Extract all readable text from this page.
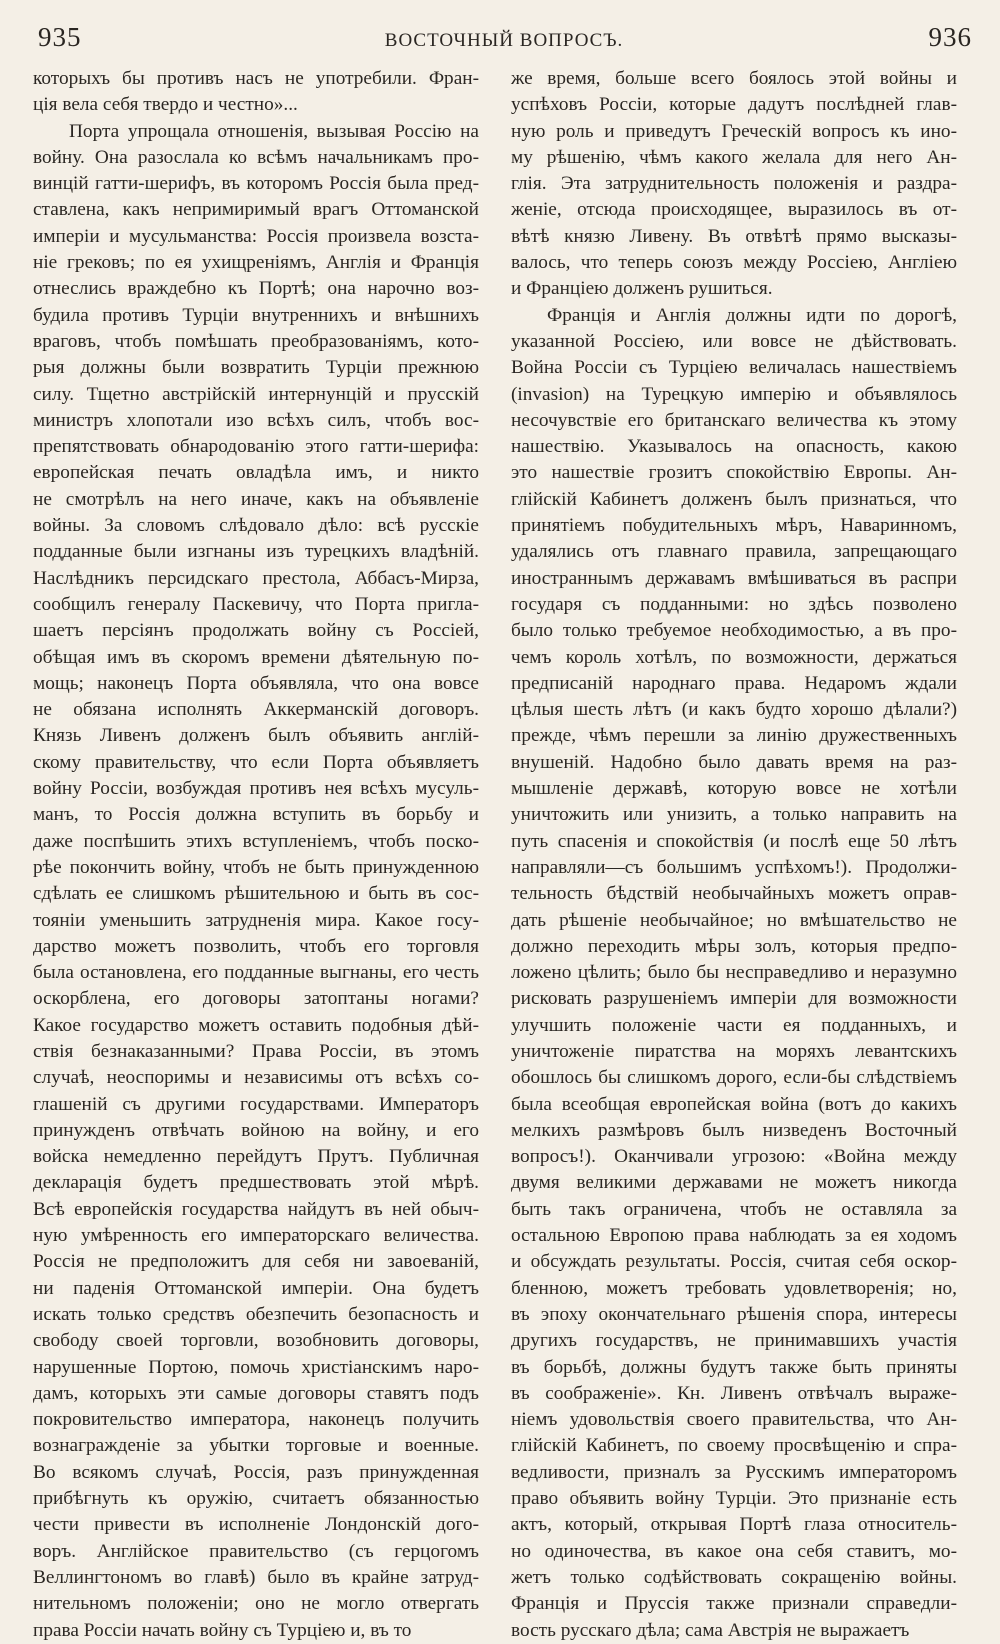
935	ВОСТОЧНЫЙ ВОПРОСЪ.	936
которыхъ бы противъ насъ не употребили. Фран-
ція вела себя твердо и честно»...
Порта упрощала отношенія, вызывая Россію на
войну. Она разослала ко всѣмъ начальникамъ про-
винцій гатти-шерифъ, въ которомъ Россія была пред-
ставлена, какъ непримиримый врагъ Оттоманской
имперіи и мусульманства: Россія произвела возста-
ніе грековъ; по ея ухищреніямъ, Англія и Франція
отнеслись враждебно къ Портѣ; она нарочно воз-
будила противъ Турціи внутреннихъ и внѣшнихъ
враговъ, чтобъ помѣшать преобразованіямъ, кото-
рыя должны были возвратить Турціи прежнюю
силу. Тщетно австрійскій интернунцій и прусскій
министръ хлопотали изо всѣхъ силъ, чтобъ вос-
препятствовать обнародованію этого гатти-шерифа:
европейская печать овладѣла имъ, и никто
не смотрѣлъ на него иначе, какъ на объявленіе
войны. За словомъ слѣдовало дѣло: всѣ русскіе
подданные были изгнаны изъ турецкихъ владѣній.
Наслѣдникъ персидскаго престола, Аббасъ-Мирза,
сообщилъ генералу Паскевичу, что Порта пригла-
шаетъ персіянъ продолжать войну съ Россіей,
обѣщая имъ въ скоромъ времени дѣятельную по-
мощь; наконецъ Порта объявляла, что она вовсе
не обязана исполнять Аккерманскій договоръ.
Князь Ливенъ долженъ былъ объявить англій-
скому правительству, что если Порта объявляетъ
войну Россіи, возбуждая противъ нея всѣхъ мусуль-
манъ, то Россія должна вступить въ борьбу и
даже поспѣшить этихъ вступленіемъ, чтобъ поско-
рѣе покончить войну, чтобъ не быть принужденною
сдѣлать ее слишкомъ рѣшительною и быть въ сос-
тояніи уменьшить затрудненія мира. Какое госу-
дарство можетъ позволить, чтобъ его торговля
была остановлена, его подданные выгнаны, его честь
оскорблена, его договоры затоптаны ногами?
Какое государство можетъ оставить подобныя дѣй-
ствія безнаказанными? Права Россіи, въ этомъ
случаѣ, неоспоримы и независимы отъ всѣхъ со-
глашеній съ другими государствами. Императоръ
принужденъ отвѣчать войною на войну, и его
войска немедленно перейдутъ Прутъ. Публичная
декларація будетъ предшествовать этой мѣрѣ.
Всѣ европейскія государства найдутъ въ ней обыч-
ную умѣренность его императорскаго величества.
Россія не предположитъ для себя ни завоеваній,
ни паденія Оттоманской имперіи. Она будетъ
искать только средствъ обезпечить безопасность и
свободу своей торговли, возобновить договоры,
нарушенные Портою, помочь христіанскимъ наро-
дамъ, которыхъ эти самые договоры ставятъ подъ
покровительство императора, наконецъ получить
вознагражденіе за убытки торговые и военные.
Во всякомъ случаѣ, Россія, разъ принужденная
прибѣгнуть къ оружію, считаетъ обязанностью
чести привести въ исполненіе Лондонскій дого-
воръ. Англійское правительство (съ герцогомъ
Веллингтономъ во главѣ) было въ крайне затруд-
нительномъ положеніи; оно не могло отвергать
права Россіи начать войну съ Турціею и, въ то
же время, больше всего боялось этой войны и
успѣховъ Россіи, которые дадутъ послѣдней глав-
ную роль и приведутъ Греческій вопросъ къ ино-
му рѣшенію, чѣмъ какого желала для него Ан-
глія. Эта затруднительность положенія и раздра-
женіе, отсюда происходящее, выразилось въ от-
вѣтѣ князю Ливену. Въ отвѣтѣ прямо высказы-
валось, что теперь союзъ между Россіею, Англіею
и Франціею долженъ рушиться.
Франція и Англія должны идти по дорогѣ,
указанной Россіею, или вовсе не дѣйствовать.
Война Россіи съ Турціею величалась нашествіемъ
(invasion) на Турецкую имперію и объявлялось
несочувствіе его британскаго величества къ этому
нашествію. Указывалось на опасность, какою
это нашествіе грозитъ спокойствію Европы. Ан-
глійскій Кабинетъ долженъ былъ признаться, что
принятіемъ побудительныхъ мѣръ, Наваринномъ,
удалялись отъ главнаго правила, запрещающаго
иностраннымъ державамъ вмѣшиваться въ распри
государя съ подданными: но здѣсь позволено
было только требуемое необходимостью, а въ про-
чемъ король хотѣлъ, по возможности, держаться
предписаній народнаго права. Недаромъ ждали
цѣлыя шесть лѣтъ (и какъ будто хорошо дѣлали?)
прежде, чѣмъ перешли за линію дружественныхъ
внушеній. Надобно было давать время на раз-
мышленіе державѣ, которую вовсе не хотѣли
уничтожить или унизить, а только направить на
путь спасенія и спокойствія (и послѣ еще 50 лѣтъ
направляли—съ большимъ успѣхомъ!). Продолжи-
тельность бѣдствій необычайныхъ можетъ оправ-
дать рѣшеніе необычайное; но вмѣшательство не
должно переходить мѣры золъ, которыя предпо-
ложено цѣлить; было бы несправедливо и неразумно
рисковать разрушеніемъ имперіи для возможности
улучшить положеніе части ея подданныхъ, и
уничтоженіе пиратства на моряхъ левантскихъ
обошлось бы слишкомъ дорого, если-бы слѣдствіемъ
была всеобщая европейская война (вотъ до какихъ
мелкихъ размѣровъ былъ низведенъ Восточный
вопросъ!). Оканчивали угрозою: «Война между
двумя великими державами не можетъ никогда
быть такъ ограничена, чтобъ не оставляла за
остальною Европою права наблюдать за ея ходомъ
и обсуждать результаты. Россія, считая себя оскор-
бленною, можетъ требовать удовлетворенія; но,
въ эпоху окончательнаго рѣшенія спора, интересы
другихъ государствъ, не принимавшихъ участія
въ борьбѣ, должны будутъ также быть приняты
въ соображеніе». Кн. Ливенъ отвѣчалъ выраже-
ніемъ удовольствія своего правительства, что Ан-
глійскій Кабинетъ, по своему просвѣщенію и спра-
ведливости, призналъ за Русскимъ императоромъ
право объявить войну Турціи. Это признаніе есть
актъ, который, открывая Портѣ глаза относитель-
но одиночества, въ какое она себя ставитъ, мо-
жетъ только содѣйствовать сокращенію войны.
Франція и Пруссія также признали справедли-
вость русскаго дѣла; сама Австрія не выражаетъ
